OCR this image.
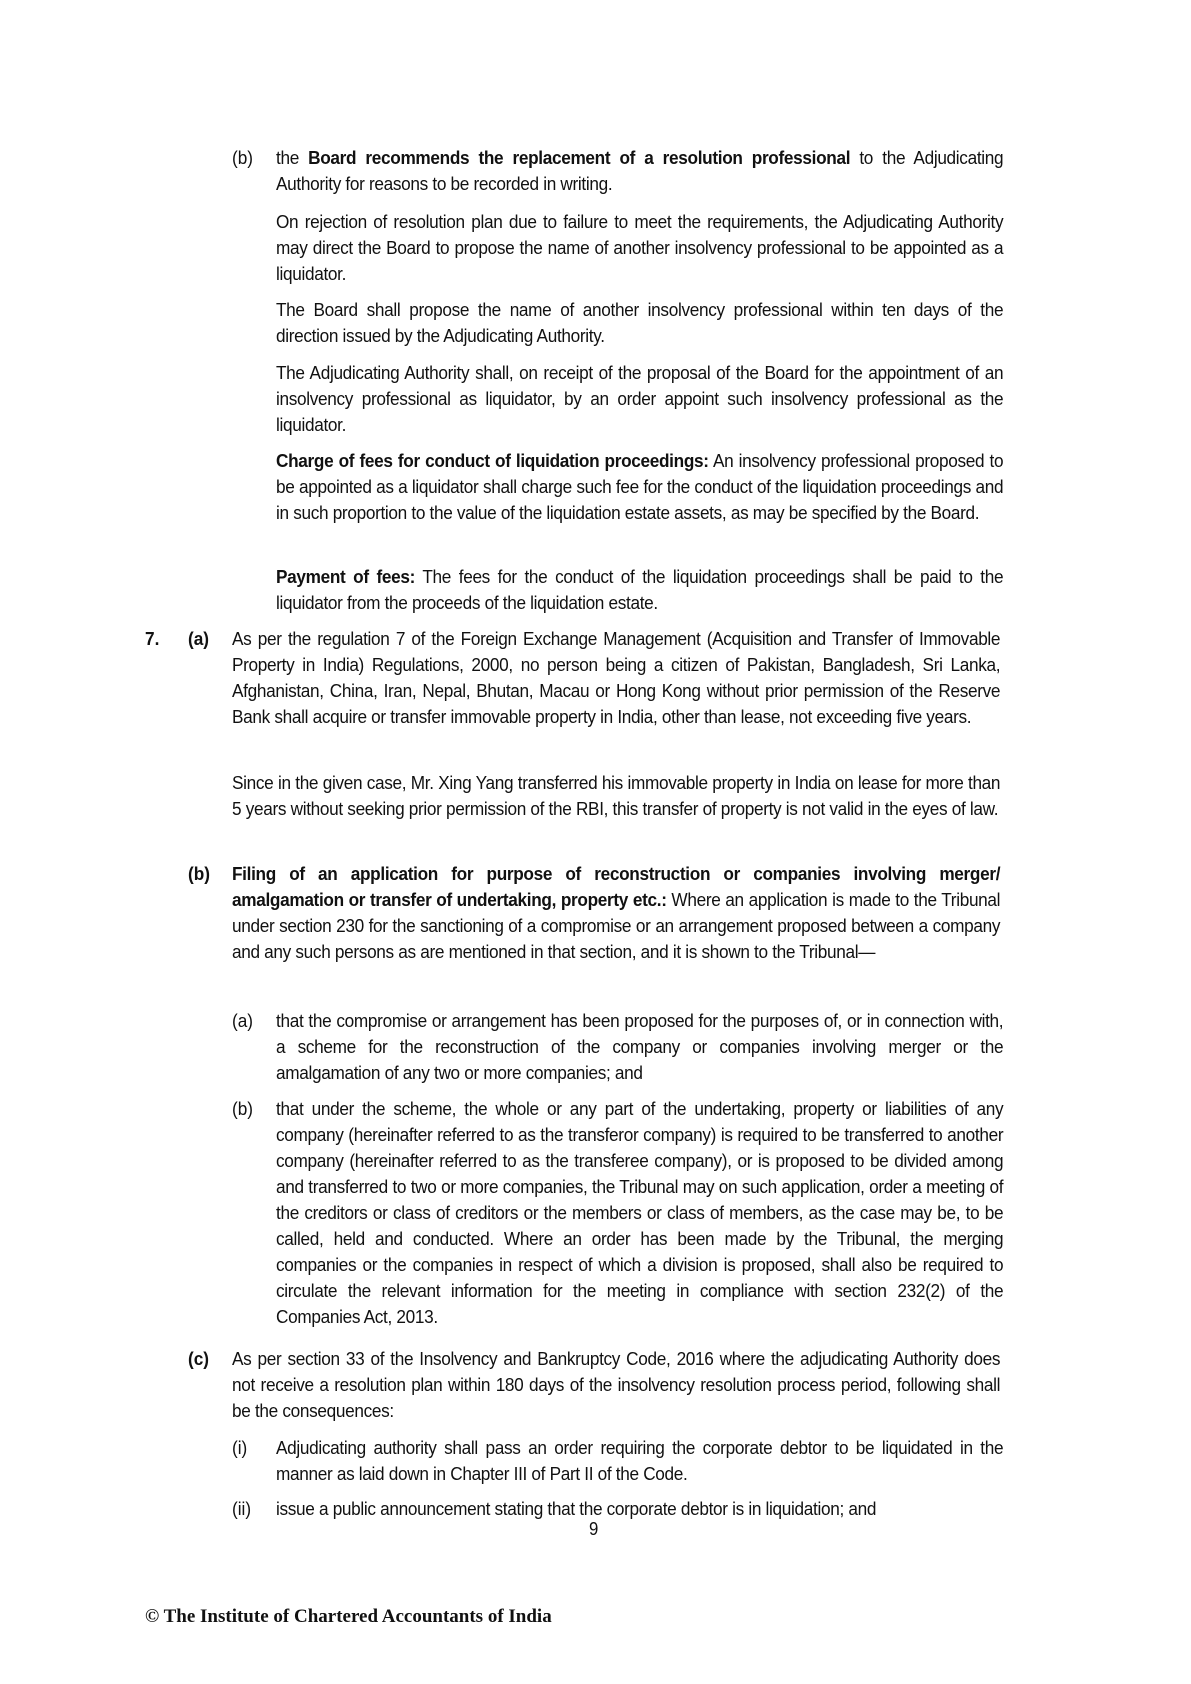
(b) the Board recommends the replacement of a resolution professional to the Adjudicating Authority for reasons to be recorded in writing.
On rejection of resolution plan due to failure to meet the requirements, the Adjudicating Authority may direct the Board to propose the name of another insolvency professional to be appointed as a liquidator.
The Board shall propose the name of another insolvency professional within ten days of the direction issued by the Adjudicating Authority.
The Adjudicating Authority shall, on receipt of the proposal of the Board for the appointment of an insolvency professional as liquidator, by an order appoint such insolvency professional as the liquidator.
Charge of fees for conduct of liquidation proceedings: An insolvency professional proposed to be appointed as a liquidator shall charge such fee for the conduct of the liquidation proceedings and in such proportion to the value of the liquidation estate assets, as may be specified by the Board.
Payment of fees: The fees for the conduct of the liquidation proceedings shall be paid to the liquidator from the proceeds of the liquidation estate.
7. (a) As per the regulation 7 of the Foreign Exchange Management (Acquisition and Transfer of Immovable Property in India) Regulations, 2000, no person being a citizen of Pakistan, Bangladesh, Sri Lanka, Afghanistan, China, Iran, Nepal, Bhutan, Macau or Hong Kong without prior permission of the Reserve Bank shall acquire or transfer immovable property in India, other than lease, not exceeding five years.
Since in the given case, Mr. Xing Yang transferred his immovable property in India on lease for more than 5 years without seeking prior permission of the RBI, this transfer of property is not valid in the eyes of law.
(b) Filing of an application for purpose of reconstruction or companies involving merger/ amalgamation or transfer of undertaking, property etc.: Where an application is made to the Tribunal under section 230 for the sanctioning of a compromise or an arrangement proposed between a company and any such persons as are mentioned in that section, and it is shown to the Tribunal—
(a) that the compromise or arrangement has been proposed for the purposes of, or in connection with, a scheme for the reconstruction of the company or companies involving merger or the amalgamation of any two or more companies; and
(b) that under the scheme, the whole or any part of the undertaking, property or liabilities of any company (hereinafter referred to as the transferor company) is required to be transferred to another company (hereinafter referred to as the transferee company), or is proposed to be divided among and transferred to two or more companies, the Tribunal may on such application, order a meeting of the creditors or class of creditors or the members or class of members, as the case may be, to be called, held and conducted. Where an order has been made by the Tribunal, the merging companies or the companies in respect of which a division is proposed, shall also be required to circulate the relevant information for the meeting in compliance with section 232(2) of the Companies Act, 2013.
(c) As per section 33 of the Insolvency and Bankruptcy Code, 2016 where the adjudicating Authority does not receive a resolution plan within 180 days of the insolvency resolution process period, following shall be the consequences:
(i) Adjudicating authority shall pass an order requiring the corporate debtor to be liquidated in the manner as laid down in Chapter III of Part II of the Code.
(ii) issue a public announcement stating that the corporate debtor is in liquidation; and
9
© The Institute of Chartered Accountants of India
